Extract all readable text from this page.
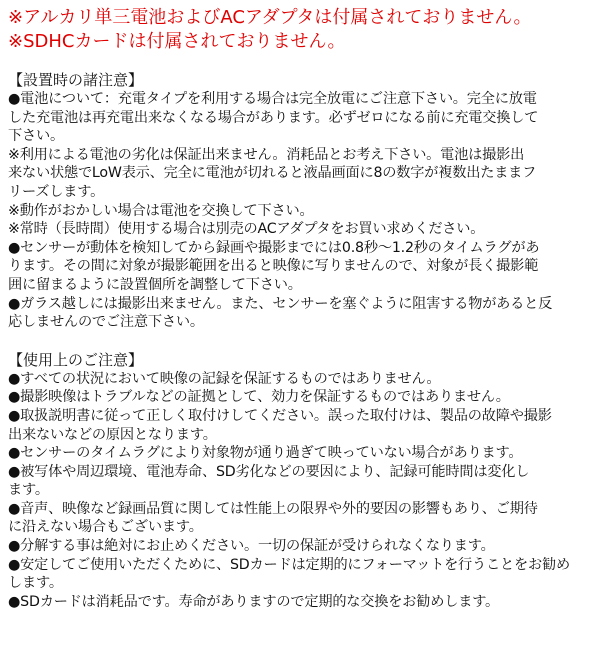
※アルカリ単三電池およびACアダプタは付属されておりません。

※SDHCカードは付属されておりません。

【設置時の諸注意】

●電池について：充電タイプを利用する場合は完全放電にご注意下さい。完全に放電

した充電池は再充電出来なくなる場合があります。必ずゼロになる前に充電交換して

下さい。

※利用による電池の劣化は保証出来ません。消耗品とお考え下さい。電池は撮影出

来ない状態でLoW表示、完全に電池が切れると液晶画面に8の数字が複数出たままフ

リーズします。

※動作がおかしい場合は電池を交換して下さい。

※常時（長時間）使用する場合は別売のACアダプタをお買い求めください。

●センサーが動体を検知してから録画や撮影までには0.8秒～1.2秒のタイムラグがあ

ります。その間に対象が撮影範囲を出ると映像に写りませんので、対象が長く撮影範

囲に留まるように設置個所を調整して下さい。

●ガラス越しには撮影出来ません。また、センサーを塞ぐように阻害する物があると反

応しませんのでご注意下さい。

【使用上のご注意】

●すべての状況において映像の記録を保証するものではありません。

●撮影映像はトラブルなどの証拠として、効力を保証するものではありません。

●取扱説明書に従って正しく取付けしてください。誤った取付けは、製品の故障や撮影

出来ないなどの原因となります。

●センサーのタイムラグにより対象物が通り過ぎて映っていない場合があります。

●被写体や周辺環境、電池寿命、SD劣化などの要因により、記録可能時間は変化し

ます。

●音声、映像など録画品質に関しては性能上の限界や外的要因の影響もあり、ご期待

に沿えない場合もございます。

●分解する事は絶対にお止めください。一切の保証が受けられなくなります。

●安定してご使用いただくために、SDカードは定期的にフォーマットを行うことをお勧め

します。

●SDカードは消耗品です。寿命がありますので定期的な交換をお勧めします。
